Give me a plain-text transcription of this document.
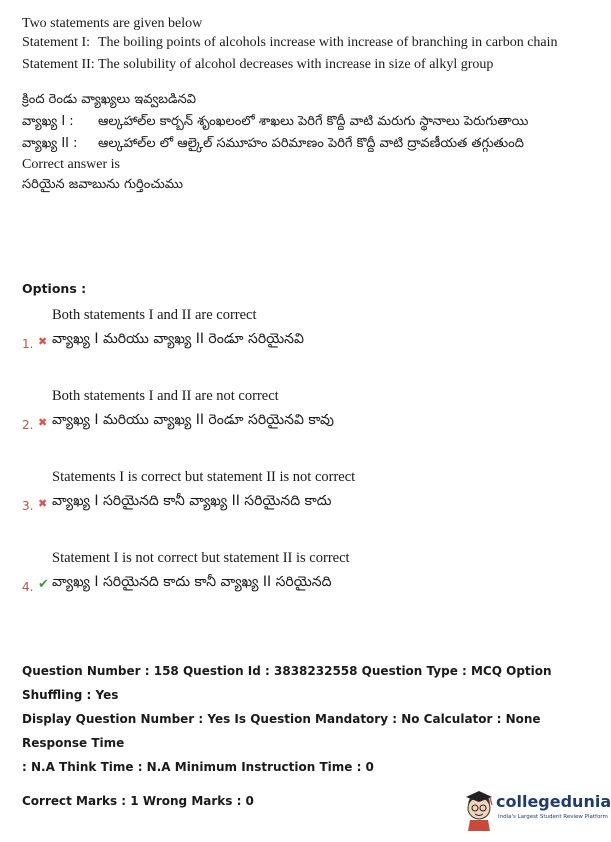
Two statements are given below
Statement I: The boiling points of alcohols increase with increase of branching in carbon chain
Statement II: The solubility of alcohol decreases with increase in size of alkyl group
క్రింద రెండు వ్యాఖ్యలు ఇవ్వబడినవి
వ్యాఖ్య I :	ఆల్కహాల్‌ల కార్బన్ శృంఖలంలో శాఖలు పెరిగే కొద్దీ వాటి మరుగు స్థానాలు పెరుగుతాయి
వ్యాఖ్య II :	ఆల్కహాల్‌ల లో ఆల్కైల్ సమూహం పరిమాణం పెరిగే కొద్దీ వాటి ద్రావణీయత తగ్గుతుంది
Correct answer is
సరియైన జవాబును గుర్తించుము
Options :
Both statements I and II are correct
1. ✖ వ్యాఖ్య I మరియు వ్యాఖ్య II రెండూ సరియైనవి
Both statements I and II are not correct
2. ✖ వ్యాఖ్య I మరియు వ్యాఖ్య II రెండూ సరియైనవి కావు
Statements I is correct but statement II is not correct
3. ✖ వ్యాఖ్య I సరియైనది కానీ వ్యాఖ్య II సరియైనది కాదు
Statement I is not correct but statement II is correct
4. ✔ వ్యాఖ్య I సరియైనది కాదు కానీ వ్యాఖ్య II సరియైనది

Question Number : 158 Question Id : 3838232558 Question Type : MCQ Option Shuffling : Yes

Display Question Number : Yes Is Question Mandatory : No Calculator : None Response Time

: N.A Think Time : N.A Minimum Instruction Time : 0

Correct Marks : 1 Wrong Marks : 0	collegedunia
India's Largest Student Review Platform
